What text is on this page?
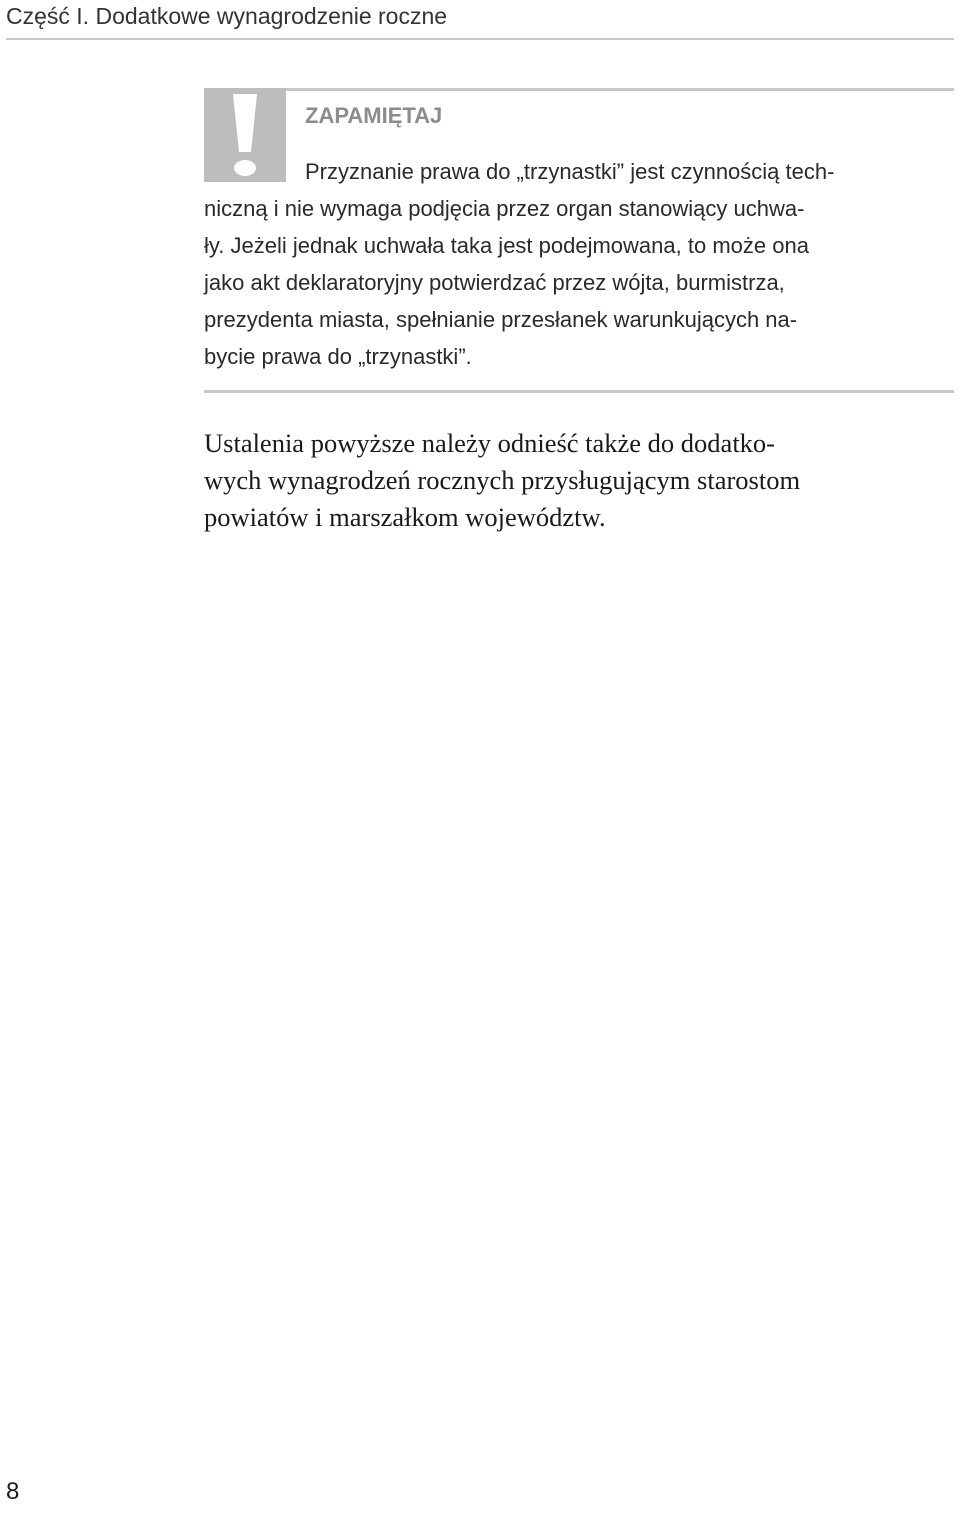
Część I. Dodatkowe wynagrodzenie roczne
ZAPAMIĘTAJ
Przyznanie prawa do „trzynastki” jest czynnością tech-
niczną i nie wymaga podjęcia przez organ stanowiący uchwa-
ły. Jeżeli jednak uchwała taka jest podejmowana, to może ona
jako akt deklaratoryjny potwierdzać przez wójta, burmistrza,
prezydenta miasta, spełnianie przesłanek warunkujących na-
bycie prawa do „trzynastki”.
Ustalenia powyższe należy odnieść także do dodatko-
wych wynagrodzeń rocznych przysługującym starostom
powiatów i marszałkom województw.
8
